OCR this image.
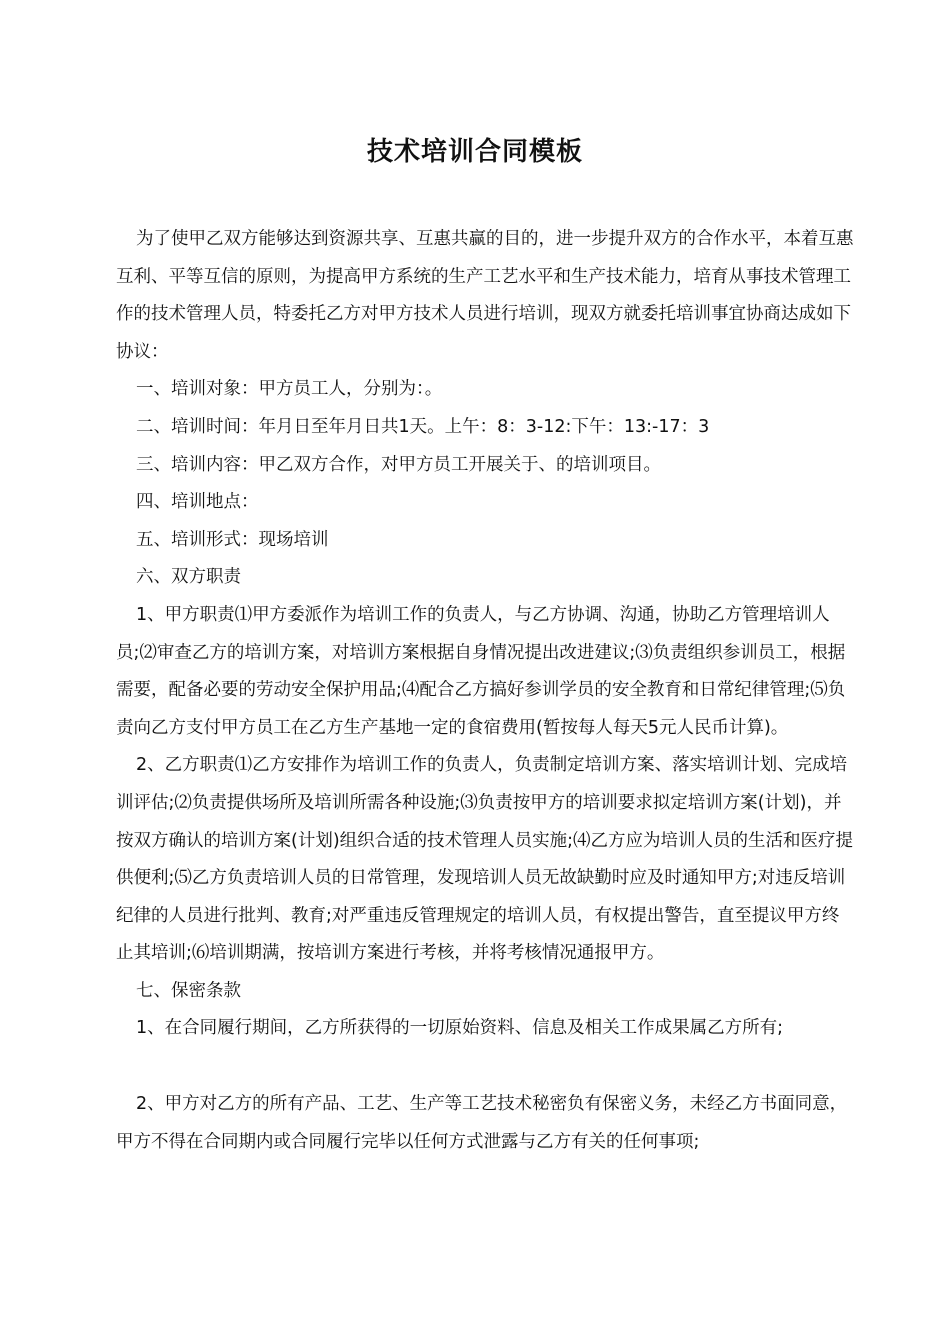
技术培训合同模板

为了使甲乙双方能够达到资源共享、互惠共赢的目的，进一步提升双方的合作水平，本着互惠互利、平等互信的原则，为提高甲方系统的生产工艺水平和生产技术能力，培育从事技术管理工作的技术管理人员，特委托乙方对甲方技术人员进行培训，现双方就委托培训事宜协商达成如下协议：

一、培训对象：甲方员工人，分别为：。

二、培训时间：年月日至年月日共1天。上午：8：3-12:下午：13:-17：3

三、培训内容：甲乙双方合作，对甲方员工开展关于、的培训项目。

四、培训地点：

五、培训形式：现场培训

六、双方职责

1、甲方职责⑴甲方委派作为培训工作的负责人，与乙方协调、沟通，协助乙方管理培训人员;⑵审查乙方的培训方案，对培训方案根据自身情况提出改进建议;⑶负责组织参训员工，根据需要，配备必要的劳动安全保护用品;⑷配合乙方搞好参训学员的安全教育和日常纪律管理;⑸负责向乙方支付甲方员工在乙方生产基地一定的食宿费用(暂按每人每天5元人民币计算)。

2、乙方职责⑴乙方安排作为培训工作的负责人，负责制定培训方案、落实培训计划、完成培训评估;⑵负责提供场所及培训所需各种设施;⑶负责按甲方的培训要求拟定培训方案(计划)，并按双方确认的培训方案(计划)组织合适的技术管理人员实施;⑷乙方应为培训人员的生活和医疗提供便利;⑸乙方负责培训人员的日常管理，发现培训人员无故缺勤时应及时通知甲方;对违反培训纪律的人员进行批判、教育;对严重违反管理规定的培训人员，有权提出警告，直至提议甲方终止其培训;⑹培训期满，按培训方案进行考核，并将考核情况通报甲方。

七、保密条款

1、在合同履行期间，乙方所获得的一切原始资料、信息及相关工作成果属乙方所有;

2、甲方对乙方的所有产品、工艺、生产等工艺技术秘密负有保密义务，未经乙方书面同意，甲方不得在合同期内或合同履行完毕以任何方式泄露与乙方有关的任何事项;
